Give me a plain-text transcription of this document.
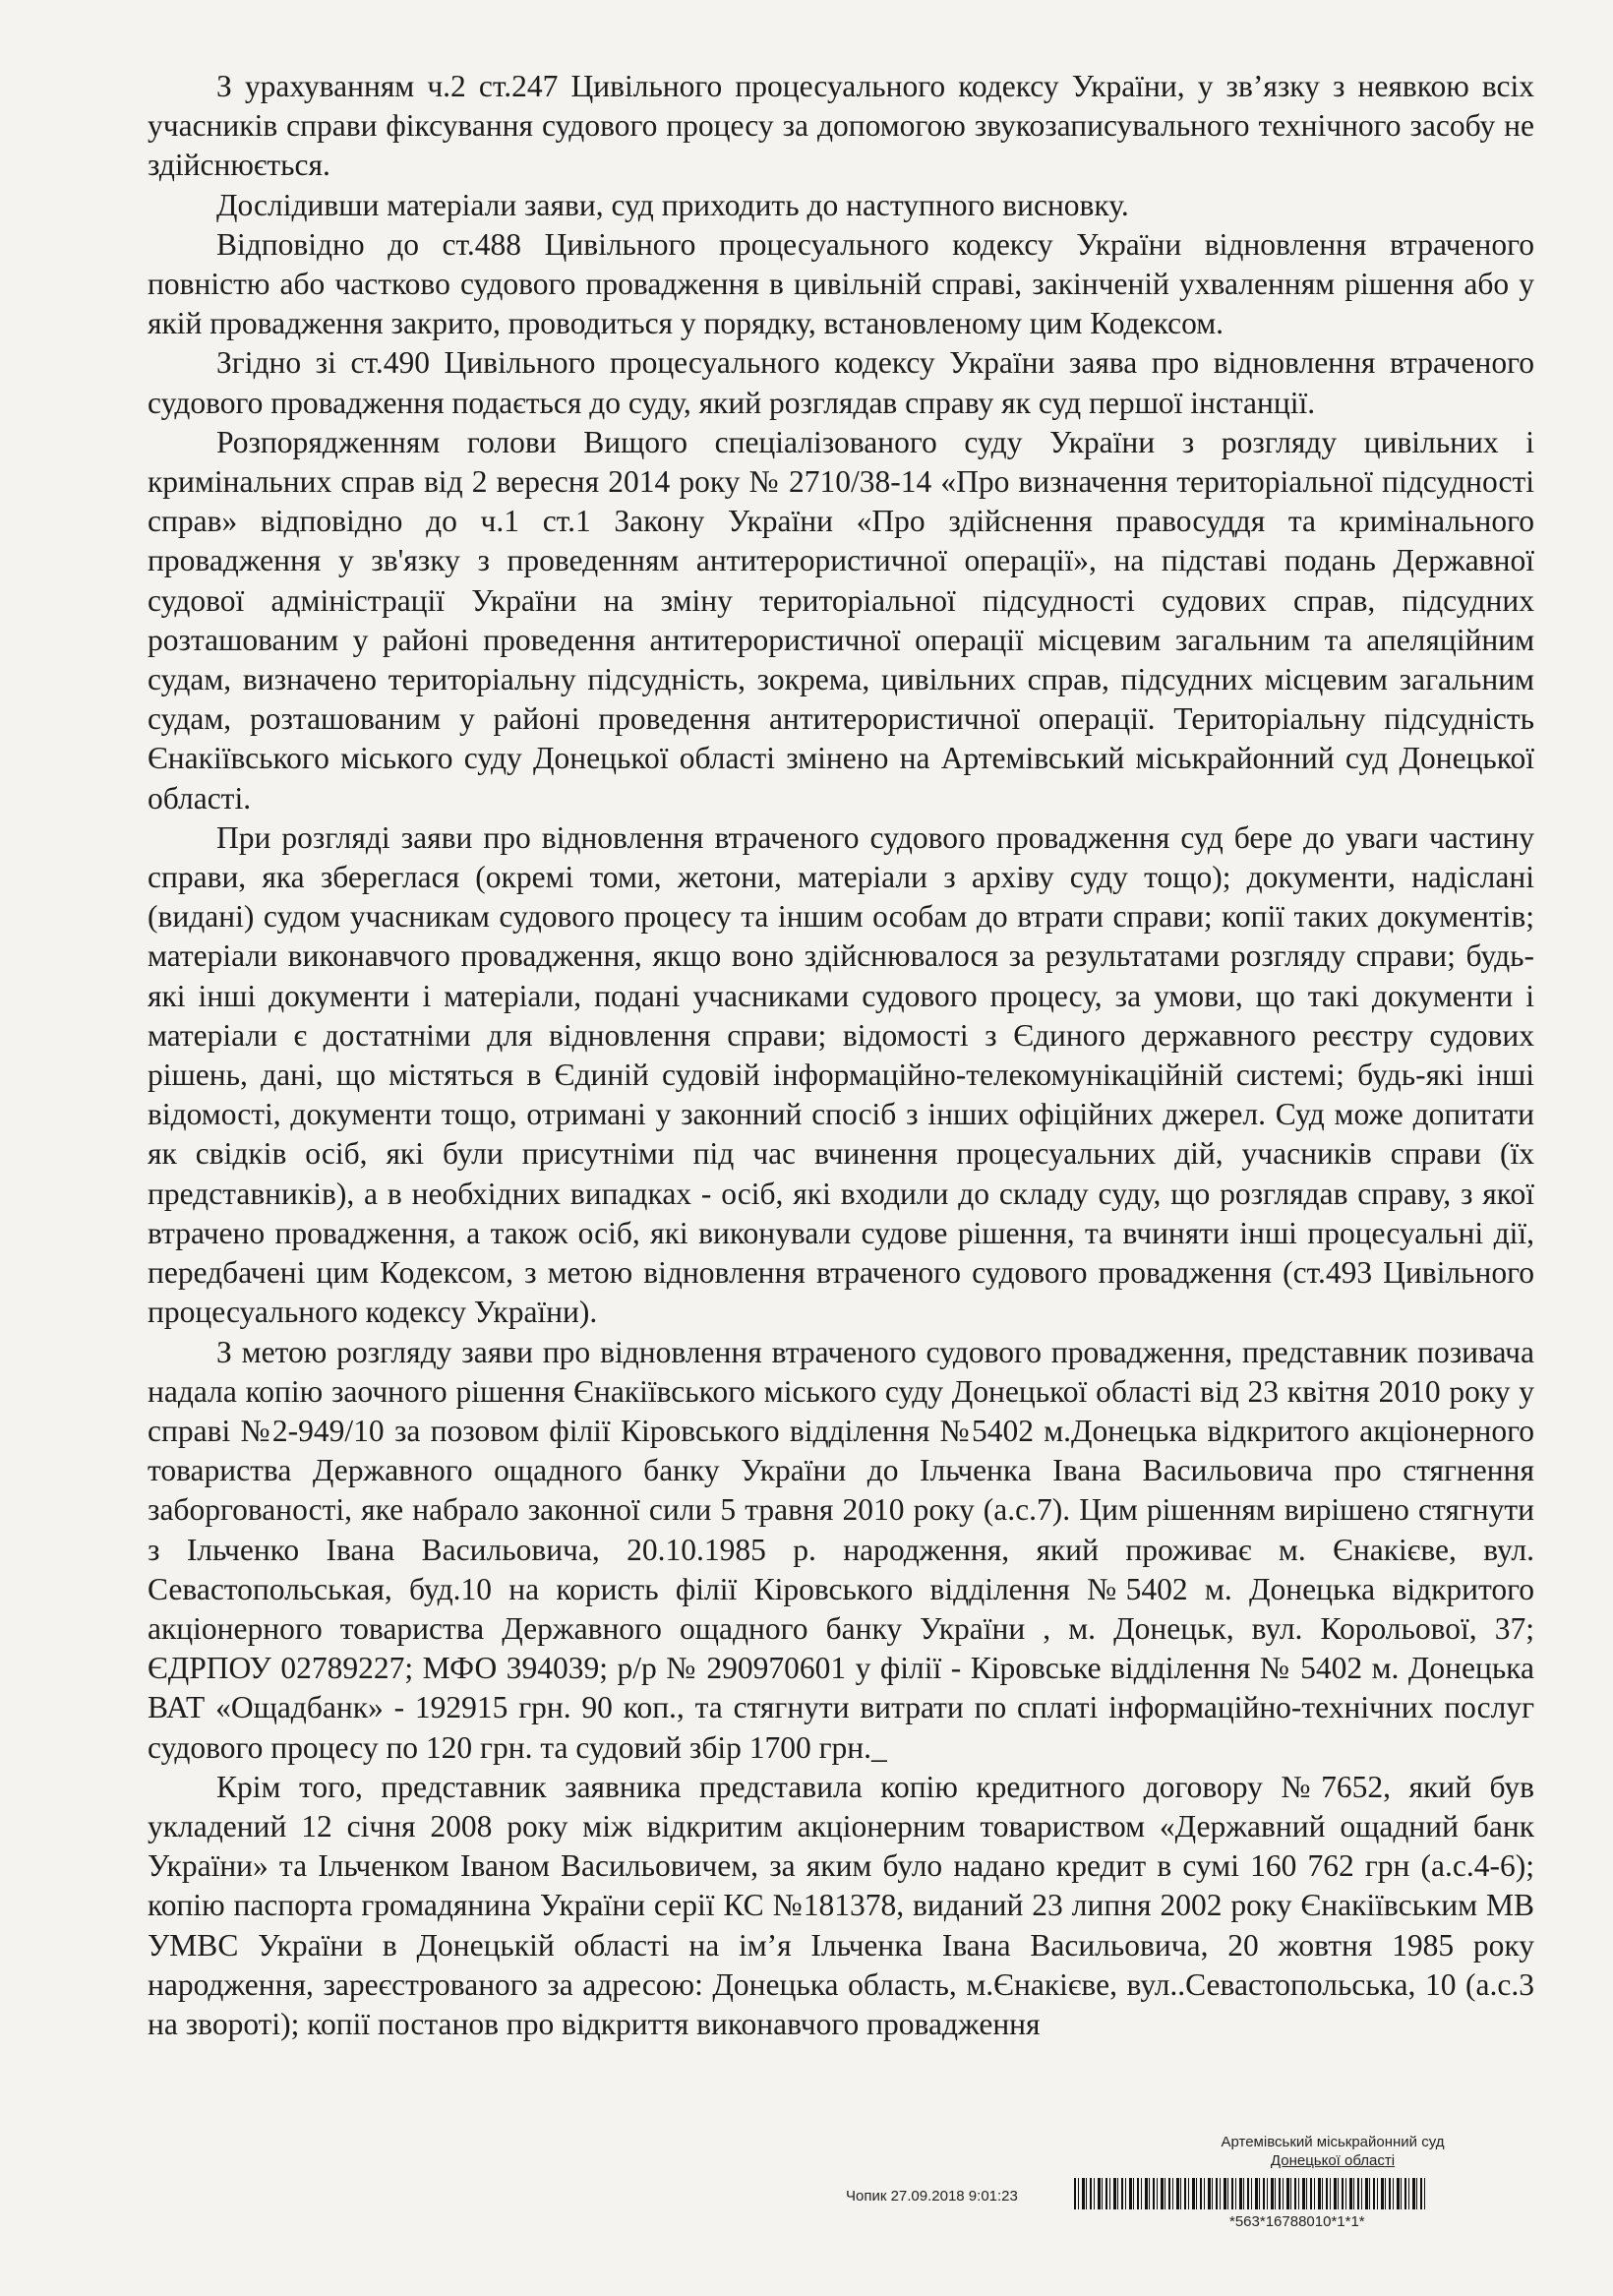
З урахуванням ч.2 ст.247 Цивільного процесуального кодексу України, у зв’язку з неявкою всіх учасників справи фіксування судового процесу за допомогою звукозаписувального технічного засобу не здійснюється.

Дослідивши матеріали заяви, суд приходить до наступного висновку.

Відповідно до ст.488 Цивільного процесуального кодексу України відновлення втраченого повністю або частково судового провадження в цивільній справі, закінченій ухваленням рішення або у якій провадження закрито, проводиться у порядку, встановленому цим Кодексом.

Згідно зі ст.490 Цивільного процесуального кодексу України заява про відновлення втраченого судового провадження подається до суду, який розглядав справу як суд першої інстанції.

Розпорядженням голови Вищого спеціалізованого суду України з розгляду цивільних і кримінальних справ від 2 вересня 2014 року № 2710/38-14 «Про визначення територіальної підсудності справ» відповідно до ч.1 ст.1 Закону України «Про здійснення правосуддя та кримінального провадження у зв'язку з проведенням антитерористичної операції», на підставі подань Державної судової адміністрації України на зміну територіальної підсудності судових справ, підсудних розташованим у районі проведення антитерористичної операції місцевим загальним та апеляційним судам, визначено територіальну підсудність, зокрема, цивільних справ, підсудних місцевим загальним судам, розташованим у районі проведення антитерористичної операції. Територіальну підсудність Єнакіївського міського суду Донецької області змінено на Артемівський міськрайонний суд Донецької області.

При розгляді заяви про відновлення втраченого судового провадження суд бере до уваги частину справи, яка збереглася (окремі томи, жетони, матеріали з архіву суду тощо); документи, надіслані (видані) судом учасникам судового процесу та іншим особам до втрати справи; копії таких документів; матеріали виконавчого провадження, якщо воно здійснювалося за результатами розгляду справи; будь-які інші документи і матеріали, подані учасниками судового процесу, за умови, що такі документи і матеріали є достатніми для відновлення справи; відомості з Єдиного державного реєстру судових рішень, дані, що містяться в Єдиній судовій інформаційно-телекомунікаційній системі; будь-які інші відомості, документи тощо, отримані у законний спосіб з інших офіційних джерел. Суд може допитати як свідків осіб, які були присутніми під час вчинення процесуальних дій, учасників справи (їх представників), а в необхідних випадках - осіб, які входили до складу суду, що розглядав справу, з якої втрачено провадження, а також осіб, які виконували судове рішення, та вчиняти інші процесуальні дії, передбачені цим Кодексом, з метою відновлення втраченого судового провадження (ст.493 Цивільного процесуального кодексу України).

З метою розгляду заяви про відновлення втраченого судового провадження, представник позивача надала копію заочного рішення Єнакіївського міського суду Донецької області від 23 квітня 2010 року у справі №2-949/10 за позовом філії Кіровського відділення №5402 м.Донецька відкритого акціонерного товариства Державного ощадного банку України до Ільченка Івана Васильовича про стягнення заборгованості, яке набрало законної сили 5 травня 2010 року (а.с.7). Цим рішенням вирішено стягнути з Ільченко Івана Васильовича, 20.10.1985 р. народження, який проживає м. Єнакієве, вул. Севастопольськая, буд.10 на користь філії Кіровського відділення №5402 м. Донецька відкритого акціонерного товариства Державного ощадного банку України , м. Донецьк, вул. Корольової, 37; ЄДРПОУ 02789227; МФО 394039; р/р № 290970601 у філії - Кіровське відділення № 5402 м. Донецька ВАТ «Ощадбанк» - 192915 грн. 90 коп., та стягнути витрати по сплаті інформаційно-технічних послуг судового процесу по 120 грн. та судовий збір 1700 грн._

Крім того, представник заявника представила копію кредитного договору №7652, який був укладений 12 січня 2008 року між відкритим акціонерним товариством «Державний ощадний банк України» та Ільченком Іваном Васильовичем, за яким було надано кредит в сумі 160 762 грн (а.с.4-6); копію паспорта громадянина України серії КС №181378, виданий 23 липня 2002 року Єнакіївським МВ УМВС України в Донецькій області на ім’я Ільченка Івана Васильовича, 20 жовтня 1985 року народження, зареєстрованого за адресою: Донецька область, м.Єнакієве, вул..Севастопольська, 10 (а.с.3 на звороті); копії постанов про відкриття виконавчого провадження

Артемівський міськрайонний суд
Донецької області
Чопик 27.09.2018 9:01:23
*563*16788010*1*1*
